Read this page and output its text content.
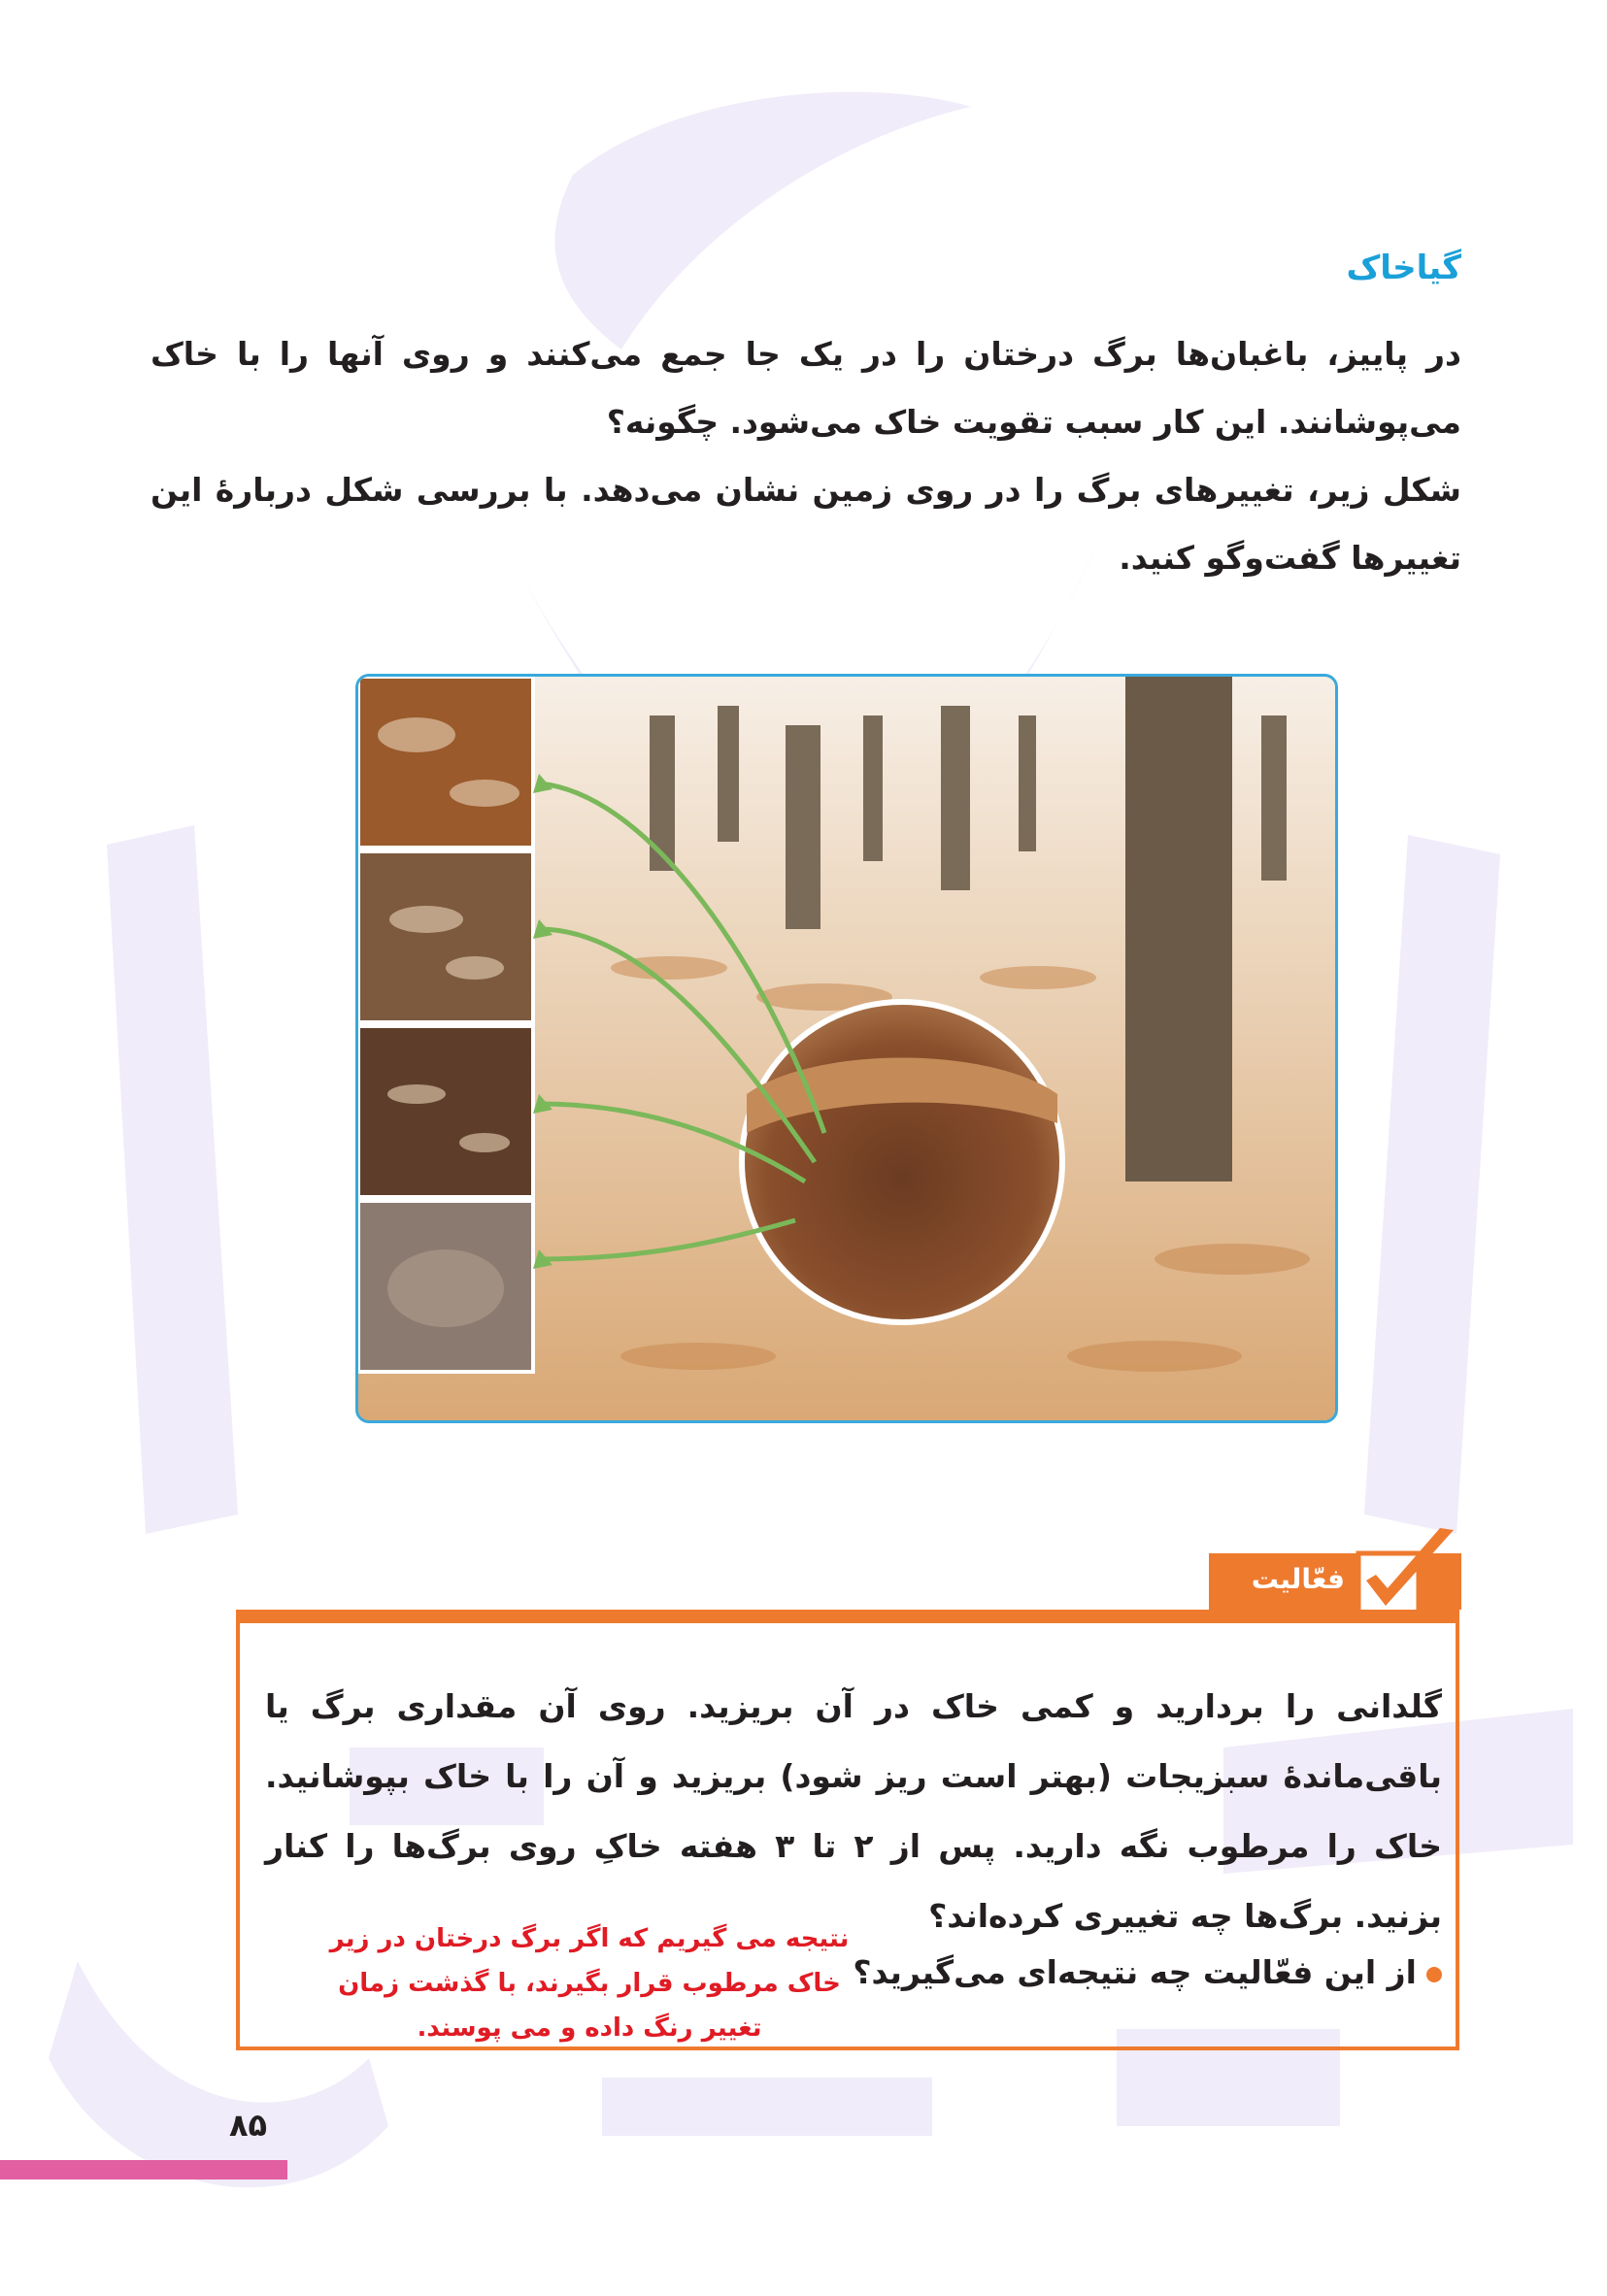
گیاخاک

در پاییز، باغبان‌ها برگ درختان را در یک جا جمع می‌کنند و روی آنها را با خاک می‌پوشانند. این کار سبب تقویت خاک می‌شود. چگونه؟

شکل زیر، تغییرهای برگ را در روی زمین نشان می‌دهد. با بررسی شکل دربارهٔ این تغییرها گفت‌وگو کنید.

فعّالیت

گلدانی را بردارید و کمی خاک در آن بریزید. روی آن مقداری برگ یا باقی‌ماندهٔ سبزیجات (بهتر است ریز شود) بریزید و آن را با خاک بپوشانید. خاک را مرطوب نگه دارید. پس از ۲ تا ۳ هفته خاکِ روی برگ‌ها را کنار بزنید. برگ‌ها چه تغییری کرده‌اند؟

از این فعّالیت چه نتیجه‌ای می‌گیرید؟

نتیجه می گیریم که اگر برگ درختان در زیر خاک مرطوب قرار بگیرند، با گذشت زمان تغییر رنگ داده و می پوسند.

۸۵
